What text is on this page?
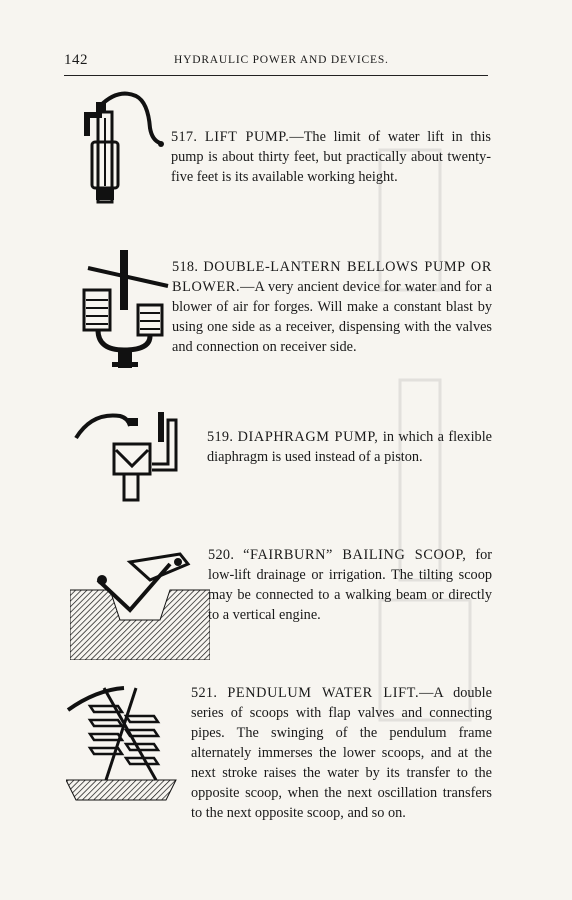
142	HYDRAULIC POWER AND DEVICES.
517. LIFT PUMP.—The limit of water lift in this pump is about thirty feet, but practically about twenty-five feet is its available working height.
518. DOUBLE-LANTERN BELLOWS PUMP OR BLOWER.—A very ancient device for water and for a blower of air for forges. Will make a constant blast by using one side as a receiver, dispensing with the valves and connection on receiver side.
519. DIAPHRAGM PUMP, in which a flexible diaphragm is used instead of a piston.
520. “FAIRBURN” BAILING SCOOP, for low-lift drainage or irrigation. The tilting scoop may be connected to a walking beam or directly to a vertical engine.
521. PENDULUM WATER LIFT.—A double series of scoops with flap valves and connecting pipes. The swinging of the pendulum frame alternately immerses the lower scoops, and at the next stroke raises the water by its transfer to the opposite scoop, when the next oscillation transfers to the next opposite scoop, and so on.
